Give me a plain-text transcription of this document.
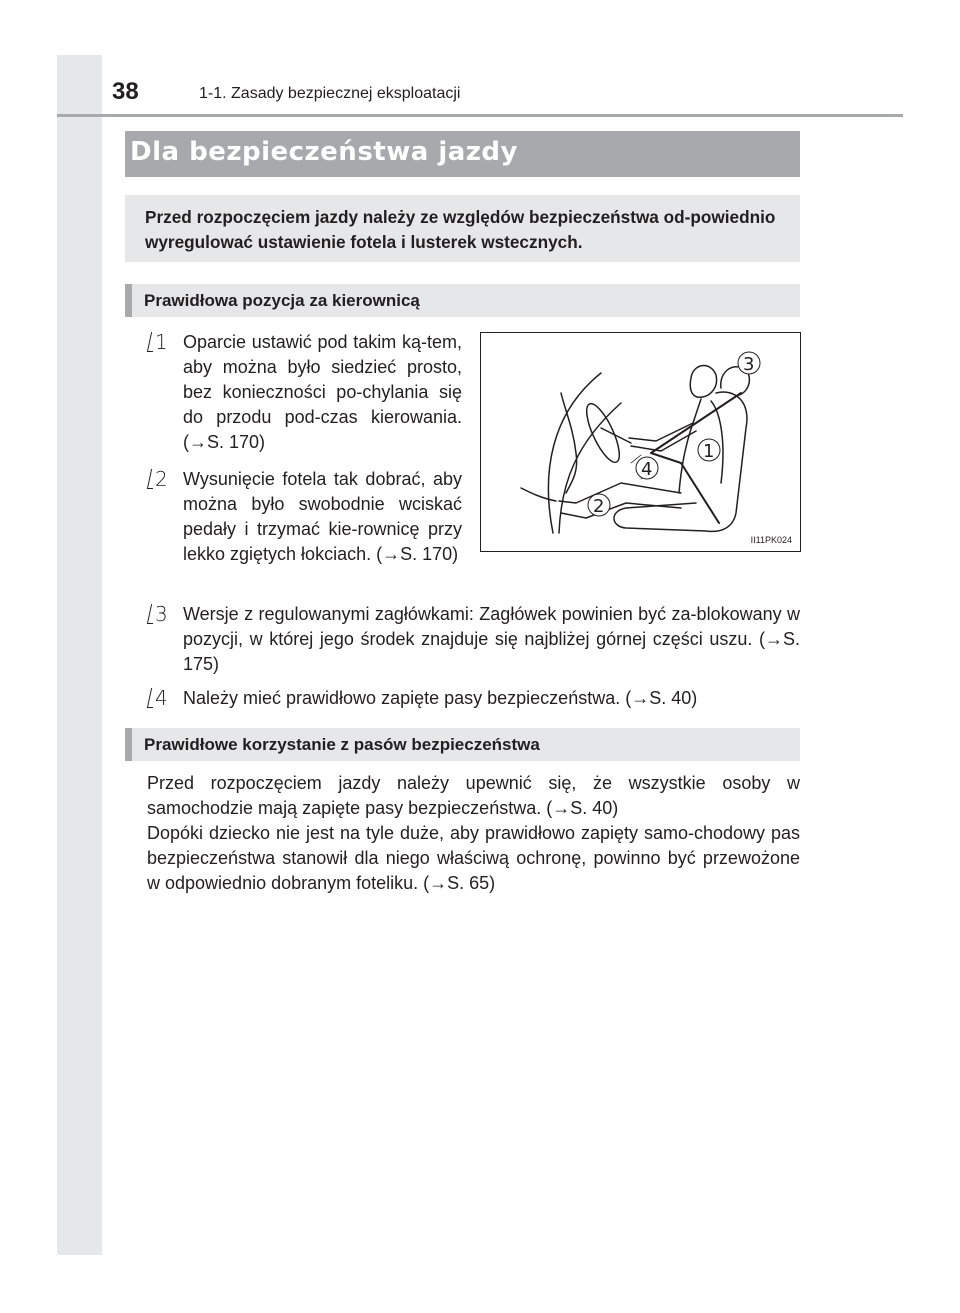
38	1-1. Zasady bezpiecznej eksploatacji
Dla bezpieczeństwa jazdy
Przed rozpoczęciem jazdy należy ze względów bezpieczeństwa od-powiednio wyregulować ustawienie fotela i lusterek wstecznych.
Prawidłowa pozycja za kierownicą
1 Oparcie ustawić pod takim ką-tem, aby można było siedzieć prosto, bez konieczności po-chylania się do przodu pod-czas kierowania. (→S. 170)
2 Wysunięcie fotela tak dobrać, aby można było swobodnie wciskać pedały i trzymać kie-rownicę przy lekko zgiętych łokciach. (→S. 170)
3
1
4
2
II11PK024
3 Wersje z regulowanymi zagłówkami: Zagłówek powinien być za-blokowany w pozycji, w której jego środek znajduje się najbliżej górnej części uszu. (→S. 175)
4 Należy mieć prawidłowo zapięte pasy bezpieczeństwa. (→S. 40)
Prawidłowe korzystanie z pasów bezpieczeństwa

Przed rozpoczęciem jazdy należy upewnić się, że wszystkie osoby w samochodzie mają zapięte pasy bezpieczeństwa. (→S. 40)

Dopóki dziecko nie jest na tyle duże, aby prawidłowo zapięty samo-chodowy pas bezpieczeństwa stanowił dla niego właściwą ochronę, powinno być przewożone w odpowiednio dobranym foteliku. (→S. 65)
